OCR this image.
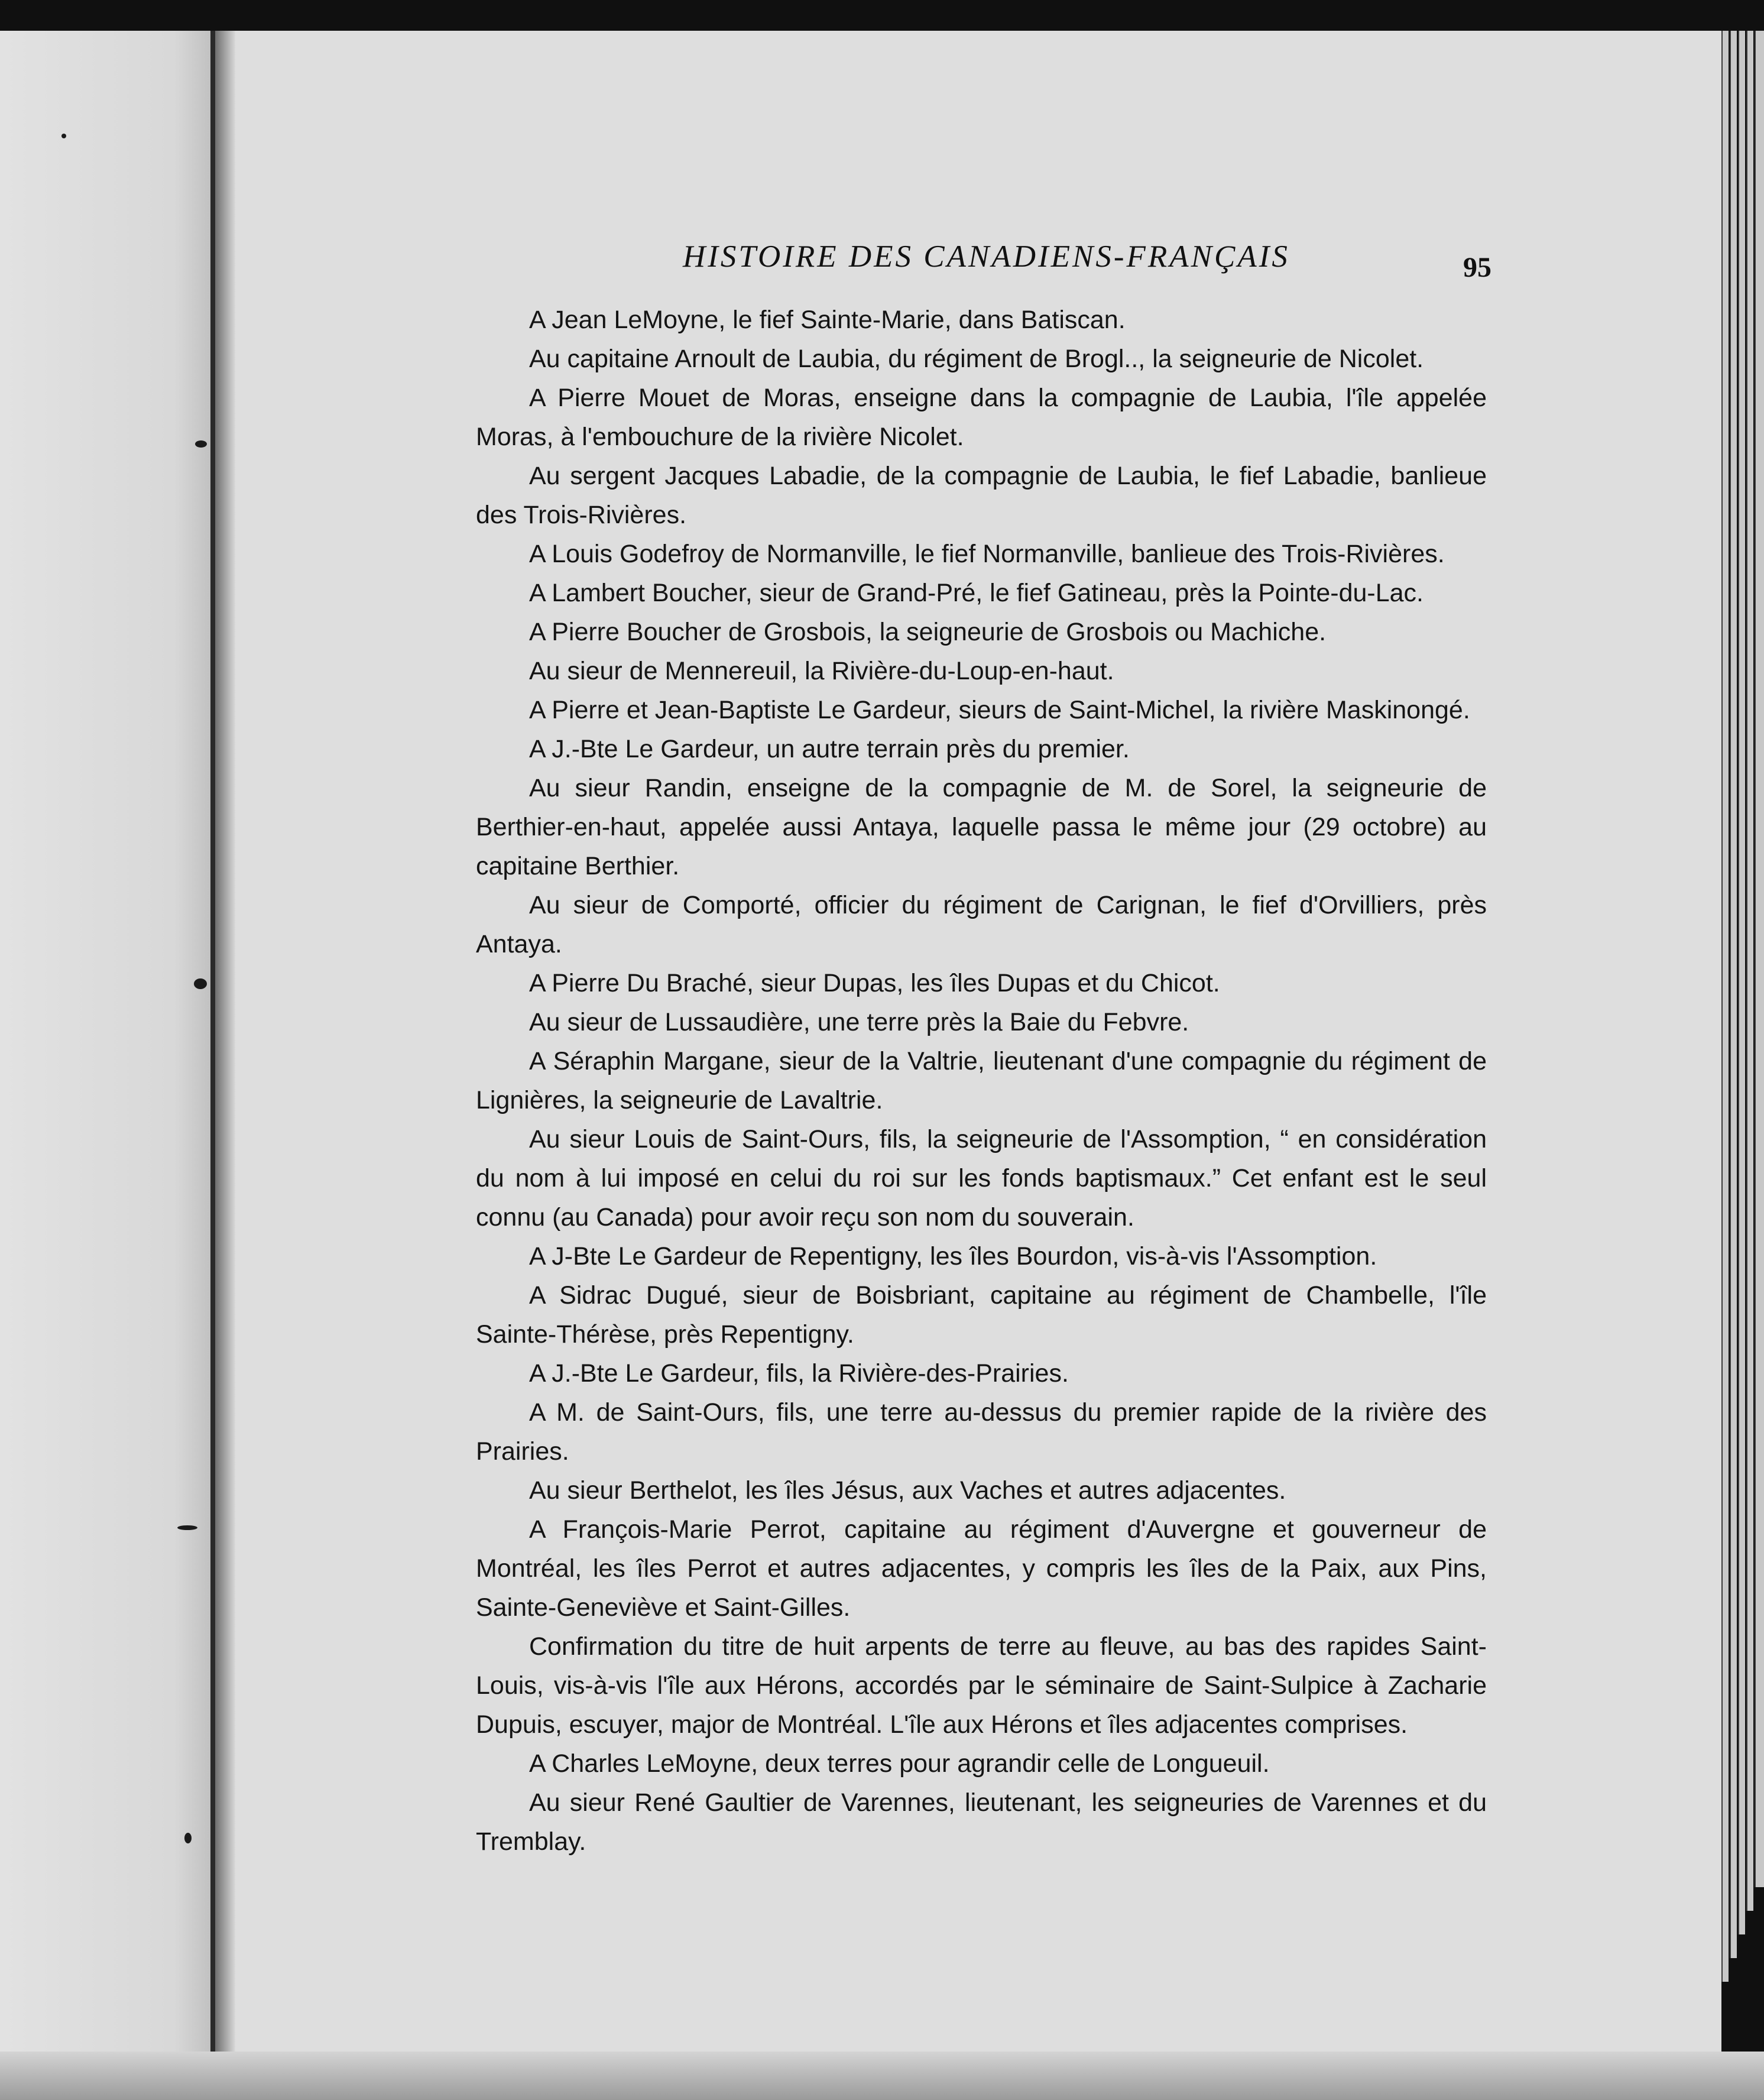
HISTOIRE DES CANADIENS-FRANÇAIS	95

A Jean LeMoyne, le fief Sainte-Marie, dans Batiscan.

Au capitaine Arnoult de Laubia, du régiment de Brogl.., la seigneurie de Nicolet.

A Pierre Mouet de Moras, enseigne dans la compagnie de Laubia, l'île appelée Moras, à l'embouchure de la rivière Nicolet.

Au sergent Jacques Labadie, de la compagnie de Laubia, le fief Labadie, banlieue des Trois-Rivières.

A Louis Godefroy de Normanville, le fief Normanville, banlieue des Trois-Rivières.

A Lambert Boucher, sieur de Grand-Pré, le fief Gatineau, près la Pointe-du-Lac.

A Pierre Boucher de Grosbois, la seigneurie de Grosbois ou Machiche.

Au sieur de Mennereuil, la Rivière-du-Loup-en-haut.

A Pierre et Jean-Baptiste Le Gardeur, sieurs de Saint-Michel, la rivière Maskinongé.

A J.-Bte Le Gardeur, un autre terrain près du premier.

Au sieur Randin, enseigne de la compagnie de M. de Sorel, la seigneurie de Berthier-en-haut, appelée aussi Antaya, laquelle passa le même jour (29 octobre) au capitaine Berthier.

Au sieur de Comporté, officier du régiment de Carignan, le fief d'Orvilliers, près Antaya.

A Pierre Du Braché, sieur Dupas, les îles Dupas et du Chicot.

Au sieur de Lussaudière, une terre près la Baie du Febvre.

A Séraphin Margane, sieur de la Valtrie, lieutenant d'une compagnie du régiment de Lignières, la seigneurie de Lavaltrie.

Au sieur Louis de Saint-Ours, fils, la seigneurie de l'Assomption, “ en considération du nom à lui imposé en celui du roi sur les fonds baptismaux.” Cet enfant est le seul connu (au Canada) pour avoir reçu son nom du souverain.

A J-Bte Le Gardeur de Repentigny, les îles Bourdon, vis-à-vis l'Assomption.

A Sidrac Dugué, sieur de Boisbriant, capitaine au régiment de Chambelle, l'île Sainte-Thérèse, près Repentigny.

A J.-Bte Le Gardeur, fils, la Rivière-des-Prairies.

A M. de Saint-Ours, fils, une terre au-dessus du premier rapide de la rivière des Prairies.

Au sieur Berthelot, les îles Jésus, aux Vaches et autres adjacentes.

A François-Marie Perrot, capitaine au régiment d'Auvergne et gouverneur de Montréal, les îles Perrot et autres adjacentes, y compris les îles de la Paix, aux Pins, Sainte-Geneviève et Saint-Gilles.

Confirmation du titre de huit arpents de terre au fleuve, au bas des rapides Saint-Louis, vis-à-vis l'île aux Hérons, accordés par le séminaire de Saint-Sulpice à Zacharie Dupuis, escuyer, major de Montréal. L'île aux Hérons et îles adjacentes comprises.

A Charles LeMoyne, deux terres pour agrandir celle de Longueuil.

Au sieur René Gaultier de Varennes, lieutenant, les seigneuries de Varennes et du Tremblay.
